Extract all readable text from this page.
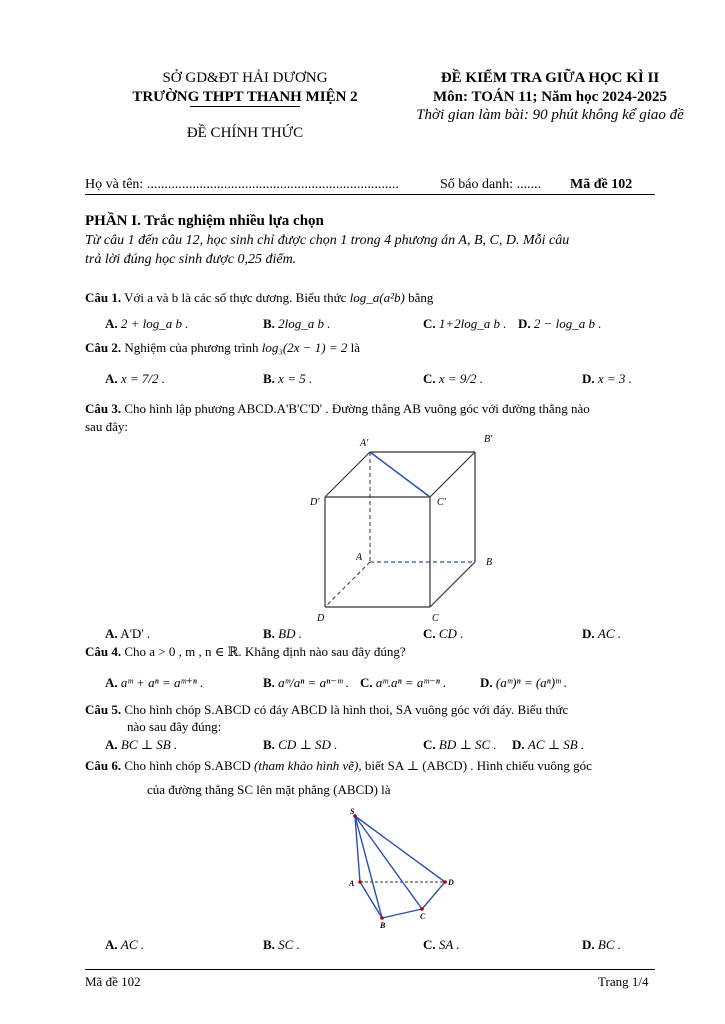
SỞ GD&ĐT HẢI DƯƠNG
TRƯỜNG THPT THANH MIỆN 2
ĐỀ CHÍNH THỨC
ĐỀ KIỂM TRA GIỮA HỌC KÌ II
Môn: TOÁN 11; Năm học 2024-2025
Thời gian làm bài: 90 phút không kể giao đề
Họ và tên: ........................................................................	Số báo danh: ....... Mã đề 102
PHẦN I. Trắc nghiệm nhiều lựa chọn
Từ câu 1 đến câu 12, học sinh chỉ được chọn 1 trong 4 phương án A, B, C, D. Mỗi câu
trả lời đúng học sinh được 0,25 điểm.
Câu 1. Với a và b là các số thực dương. Biểu thức log_a(a²b) bằng
A. 2 + log_a b .	B. 2log_a b .	C. 1+2log_a b . D. 2 − log_a b .
Câu 2. Nghiệm của phương trình log₃(2x − 1) = 2 là
A. x = 7/2 .	B. x = 5 .	C. x = 9/2 .	D. x = 3 .
Câu 3. Cho hình lập phương ABCD.A'B'C'D' . Đường thẳng AB vuông góc với đường thẳng nào
sau đây:
A'	B'
D'	C'
A	B
D	C
A. A'D' .	B. BD .	C. CD .	D. AC .
Câu 4. Cho a > 0 , m , n ∈ ℝ. Khẳng định nào sau đây đúng?
A. aᵐ + aⁿ = aᵐ⁺ⁿ .	B. aᵐ/aⁿ = aⁿ⁻ᵐ . C. aᵐ.aⁿ = aᵐ⁻ⁿ .	D. (aᵐ)ⁿ = (aⁿ)ᵐ .
Câu 5. Cho hình chóp S.ABCD có đáy ABCD là hình thoi, SA vuông góc với đáy. Biểu thức
nào sau đây đúng:
A. BC ⊥ SB .	B. CD ⊥ SD .	C. BD ⊥ SC . D. AC ⊥ SB .
Câu 6. Cho hình chóp S.ABCD (tham khảo hình vẽ), biết SA ⊥ (ABCD) . Hình chiếu vuông góc
của đường thẳng SC lên mặt phẳng (ABCD) là
S
A
B
C
D
A. AC .	B. SC .	C. SA .	D. BC .
Mã đề 102	Trang 1/4
